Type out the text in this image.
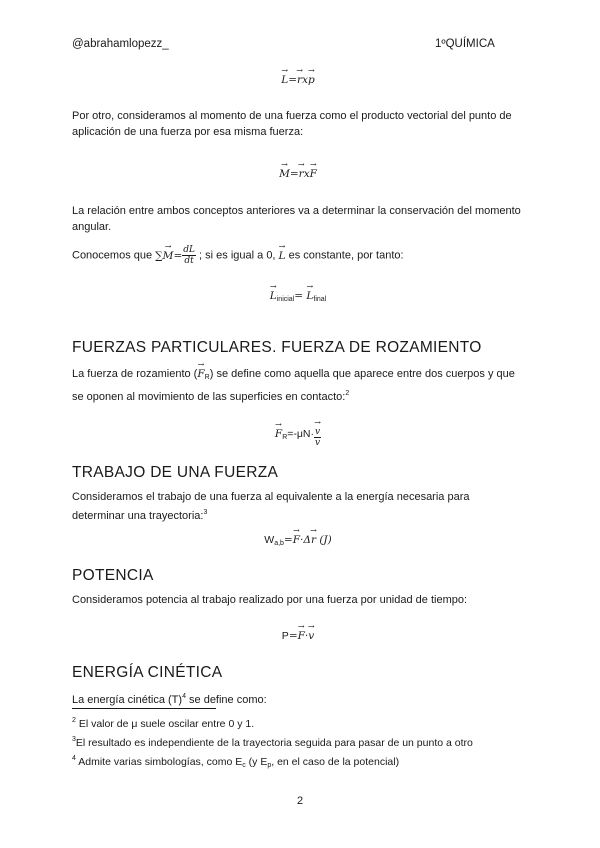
@abrahamlopezz_	1ºQUÍMICA
→ L=→ rx→ p

Por otro, consideramos al momento de una fuerza como el producto vectorial del punto de aplicación de una fuerza por esa misma fuerza:

→ M=→ rx→ F

La relación entre ambos conceptos anteriores va a determinar la conservación del momento angular.

Conocemos que ∑→ $M= \frac{dL}{dt}$ ; si es igual a 0, → L es constante, por tanto:

→ $L_{inicial}= \to L_{final}$
FUERZAS PARTICULARES. FUERZA DE ROZAMIENTO

La fuerza de rozamiento (→ $F_R$) se define como aquella que aparece entre dos cuerpos y que se oponen al movimiento de las superficies en contacto:$^2$

→ $F_R=-\mu N\cdot$
→ $\frac{v}{v}$
TRABAJO DE UNA FUERZA

Consideramos el trabajo de una fuerza al equivalente a la energía necesaria para determinar una trayectoria:$^3$

$W_{a,b}=\to F\cdot\Delta\to r$ (J)
POTENCIA

Consideramos potencia al trabajo realizado por una fuerza por unidad de tiempo:

P=→ F·→ v
ENERGÍA CINÉTICA

La energía cinética $(T)^4$ se define como:

$^2$ El valor de μ suele oscilar entre 0 y 1.
$^3$El resultado es independiente de la trayectoria seguida para pasar de un punto a otro
$^4$ Admite varias simbologías, como $E_c$ (y $E_p$, en el caso de la potencial)
2
